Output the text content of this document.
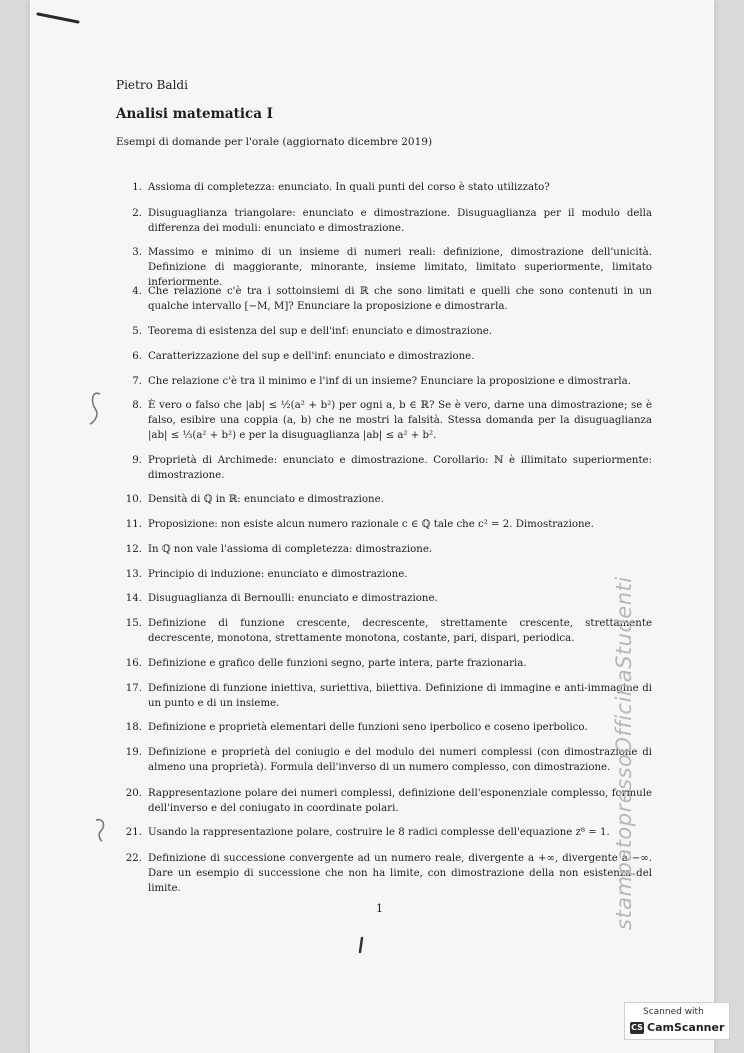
Pietro Baldi
Analisi matematica I
Esempi di domande per l'orale (aggiornato dicembre 2019)
1. Assioma di completezza: enunciato. In quali punti del corso è stato utilizzato?
2. Disuguaglianza triangolare: enunciato e dimostrazione. Disuguaglianza per il modulo della differenza dei moduli: enunciato e dimostrazione.
3. Massimo e minimo di un insieme di numeri reali: definizione, dimostrazione dell'unicità. Definizione di maggiorante, minorante, insieme limitato, limitato superiormente, limitato inferiormente.
4. Che relazione c'è tra i sottoinsiemi di ℝ che sono limitati e quelli che sono contenuti in un qualche intervallo [−M, M]? Enunciare la proposizione e dimostrarla.
5. Teorema di esistenza del sup e dell'inf: enunciato e dimostrazione.
6. Caratterizzazione del sup e dell'inf: enunciato e dimostrazione.
7. Che relazione c'è tra il minimo e l'inf di un insieme? Enunciare la proposizione e dimostrarla.
8. È vero o falso che |ab| ≤ ½(a² + b²) per ogni a, b ∈ ℝ? Se è vero, darne una dimostrazione; se è falso, esibire una coppia (a, b) che ne mostri la falsità. Stessa domanda per la disuguaglianza |ab| ≤ ⅓(a² + b²) e per la disuguaglianza |ab| ≤ a² + b².
9. Proprietà di Archimede: enunciato e dimostrazione. Corollario: ℕ è illimitato superiormente: dimostrazione.
10. Densità di ℚ in ℝ: enunciato e dimostrazione.
11. Proposizione: non esiste alcun numero razionale c ∈ ℚ tale che c² = 2. Dimostrazione.
12. In ℚ non vale l'assioma di completezza: dimostrazione.
13. Principio di induzione: enunciato e dimostrazione.
14. Disuguaglianza di Bernoulli: enunciato e dimostrazione.
15. Definizione di funzione crescente, decrescente, strettamente crescente, strettamente decrescente, monotona, strettamente monotona, costante, pari, dispari, periodica.
16. Definizione e grafico delle funzioni segno, parte intera, parte frazionaria.
17. Definizione di funzione iniettiva, suriettiva, biiettiva. Definizione di immagine e anti-immagine di un punto e di un insieme.
18. Definizione e proprietà elementari delle funzioni seno iperbolico e coseno iperbolico.
19. Definizione e proprietà del coniugio e del modulo dei numeri complessi (con dimostrazione di almeno una proprietà). Formula dell'inverso di un numero complesso, con dimostrazione.
20. Rappresentazione polare dei numeri complessi, definizione dell'esponenziale complesso, formule dell'inverso e del coniugato in coordinate polari.
21. Usando la rappresentazione polare, costruire le 8 radici complesse dell'equazione z⁸ = 1.
22. Definizione di successione convergente ad un numero reale, divergente a +∞, divergente a −∞. Dare un esempio di successione che non ha limite, con dimostrazione della non esistenza del limite.
1	stampatopressoOfficinaStudenti
Scanned with
CS CamScanner
